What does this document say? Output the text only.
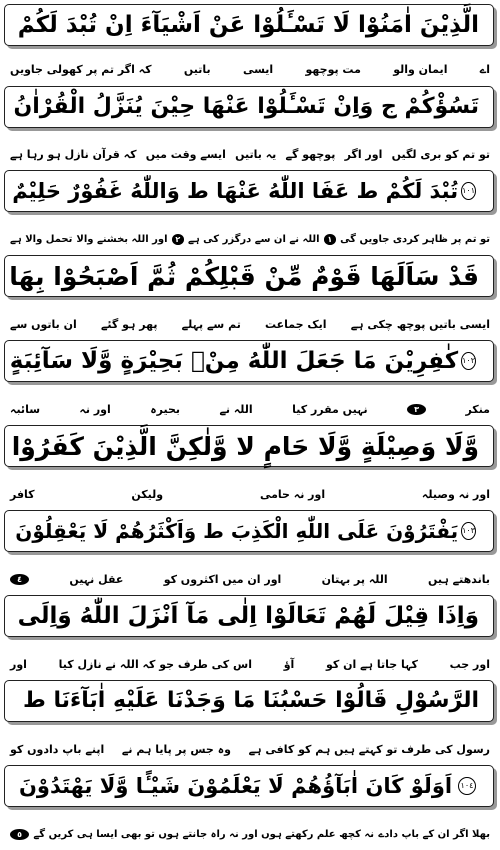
الَّذِيْنَ اٰمَنُوْا لَا تَسْـَٔلُوْا عَنْ اَشْيَآءَ اِنْ تُبْدَ لَكُمْ
اے
ایمان والو
مت پوچھو
ایسی
باتیں
کہ اگر تم پر کھولی جاویں
تَسُؤْكُمْ ج وَاِنْ تَسْـَٔلُوْا عَنْهَا حِيْنَ يُنَزَّلُ الْقُرْاٰنُ
تو تم کو بری لگیں
اور اگر
پوچھو گے
یہ باتیں
ایسے وقت میں
کہ قرآن نازل ہو رہا ہے
١٠١
تُبْدَ لَكُمْ ط عَفَا اللّٰهُ عَنْهَا ط وَاللّٰهُ غَفُوْرٌ حَلِيْمٌ
تو تم پر ظاہر کردی جاویں گی
١
اللہ نے ان سے درگزر کی ہے
٢
اور اللہ بخشنے والا
تحمل والا ہے
قَدْ سَاَلَهَا قَوْمٌ مِّنْ قَبْلِكُمْ ثُمَّ اَصْبَحُوْا بِهَا
ایسی باتیں پوچھ چکی ہے
ایک جماعت
تم سے پہلے
پھر ہو گئے
ان باتوں سے
١٠٢
كٰفِرِيْنَ مَا جَعَلَ اللّٰهُ مِنْۢ بَحِيْرَةٍ وَّلَا سَآئِبَةٍ
منکر
٣
نہیں مقرر کیا
اللہ نے
بحیرہ
اور نہ
سائبہ
وَّلَا وَصِيْلَةٍ وَّلَا حَامٍ لا وَّلٰكِنَّ الَّذِيْنَ كَفَرُوْا
اور نہ وصیلہ
اور نہ حامی
ولیکن
کافر
١٠٣
يَفْتَرُوْنَ عَلَى اللّٰهِ الْكَذِبَ ط وَاَكْثَرُهُمْ لَا يَعْقِلُوْنَ
باندھتے ہیں
اللہ پر بہتان
اور ان میں اکثروں کو
عقل نہیں
٤
وَاِذَا قِيْلَ لَهُمْ تَعَالَوْا اِلٰى مَآ اَنْزَلَ اللّٰهُ وَاِلَى
اور جب
کہا جاتا ہے ان کو
آؤ
اس کی طرف جو کہ اللہ نے نازل کیا
اور
الرَّسُوْلِ قَالُوْا حَسْبُنَا مَا وَجَدْنَا عَلَيْهِ اٰبَآءَنَا ط
رسول کی طرف تو کہتے ہیں ہم کو کافی ہے
وہ جس پر پایا ہم نے
اپنے باپ دادوں کو
١٠٤
اَوَلَوْ كَانَ اٰبَآؤُهُمْ لَا يَعْلَمُوْنَ شَيْـًٔا وَّلَا يَهْتَدُوْنَ
بھلا اگر ان کے باپ دادے
نہ کچھ علم رکھتے ہوں اور نہ راہ جانتے ہوں تو بھی ایسا ہی کریں گے
٥
